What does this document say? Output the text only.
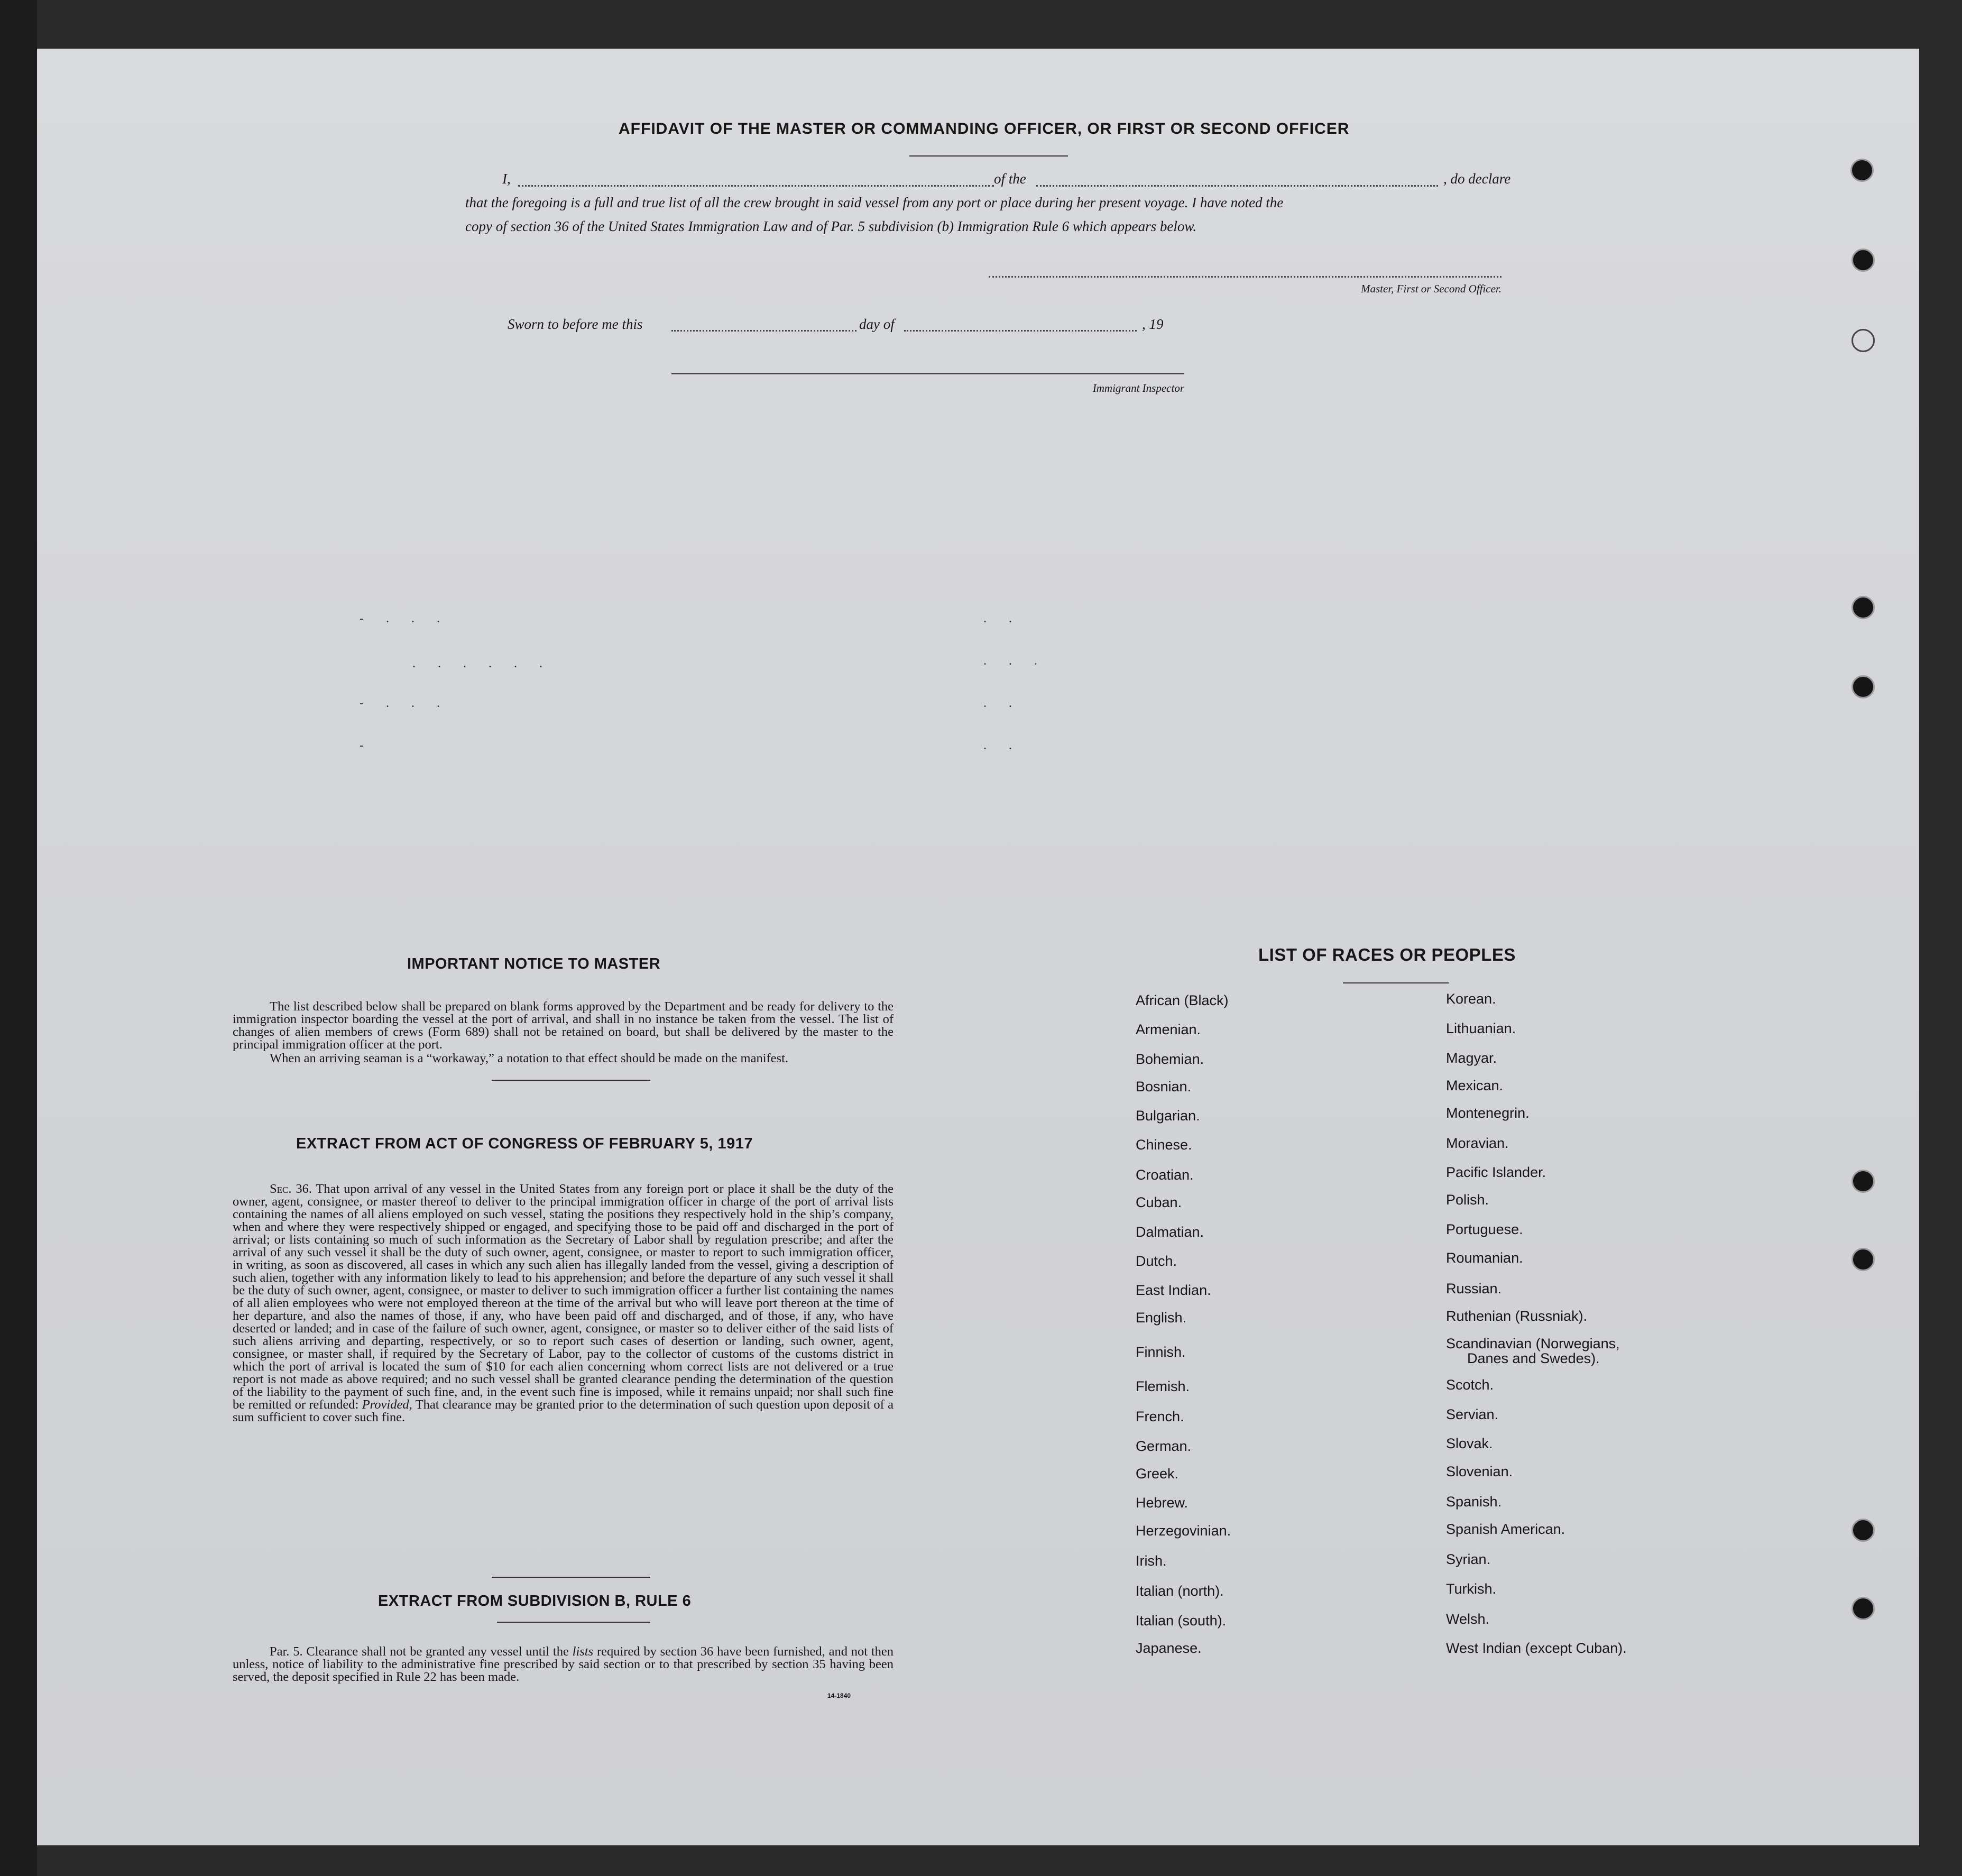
AFFIDAVIT OF THE MASTER OR COMMANDING OFFICER, OR FIRST OR SECOND OFFICER
I,	of the	, do declare
that the foregoing is a full and true list of all the crew brought in said vessel from any port or place during her present voyage. I have noted the
copy of section 36 of the United States Immigration Law and of Par. 5 subdivision (b) Immigration Rule 6 which appears below.
Master, First or Second Officer.
Sworn to before me this	day of	, 19
Immigrant Inspector
- . . .
. . . . . .
- . . .
-
. .
. . .
. .
. .
IMPORTANT NOTICE TO MASTER
The list described below shall be prepared on blank forms approved by the Department and be ready for delivery to the immigration inspector boarding the vessel at the port of arrival, and shall in no instance be taken from the vessel. The list of changes of alien members of crews (Form 689) shall not be retained on board, but shall be delivered by the master to the principal immigration officer at the port.
When an arriving seaman is a “workaway,” a notation to that effect should be made on the manifest.
EXTRACT FROM ACT OF CONGRESS OF FEBRUARY 5, 1917
Sec. 36. That upon arrival of any vessel in the United States from any foreign port or place it shall be the duty of the owner, agent, consignee, or master thereof to deliver to the principal immigration officer in charge of the port of arrival lists containing the names of all aliens employed on such vessel, stating the positions they respectively hold in the ship’s company, when and where they were respectively shipped or engaged, and specifying those to be paid off and discharged in the port of arrival; or lists containing so much of such information as the Secretary of Labor shall by regulation prescribe; and after the arrival of any such vessel it shall be the duty of such owner, agent, consignee, or master to report to such immigration officer, in writing, as soon as discovered, all cases in which any such alien has illegally landed from the vessel, giving a description of such alien, together with any information likely to lead to his apprehension; and before the departure of any such vessel it shall be the duty of such owner, agent, consignee, or master to deliver to such immigration officer a further list containing the names of all alien employees who were not employed thereon at the time of the arrival but who will leave port thereon at the time of her departure, and also the names of those, if any, who have been paid off and discharged, and of those, if any, who have deserted or landed; and in case of the failure of such owner, agent, consignee, or master so to deliver either of the said lists of such aliens arriving and departing, respectively, or so to report such cases of desertion or landing, such owner, agent, consignee, or master shall, if required by the Secretary of Labor, pay to the collector of customs of the customs district in which the port of arrival is located the sum of $10 for each alien concerning whom correct lists are not delivered or a true report is not made as above required; and no such vessel shall be granted clearance pending the determination of the question of the liability to the payment of such fine, and, in the event such fine is imposed, while it remains unpaid; nor shall such fine be remitted or refunded: Provided, That clearance may be granted prior to the determination of such question upon deposit of a sum sufficient to cover such fine.
EXTRACT FROM SUBDIVISION B, RULE 6
Par. 5. Clearance shall not be granted any vessel until the lists required by section 36 have been furnished, and not then unless, notice of liability to the administrative fine prescribed by said section or to that prescribed by section 35 having been served, the deposit specified in Rule 22 has been made.
14-1840
LIST OF RACES OR PEOPLES
African (Black)
Armenian.
Bohemian.
Bosnian.
Bulgarian.
Chinese.
Croatian.
Cuban.
Dalmatian.
Dutch.
East Indian.
English.
Finnish.
Flemish.
French.
German.
Greek.
Hebrew.
Herzegovinian.
Irish.
Italian (north).
Italian (south).
Japanese.
Korean.
Lithuanian.
Magyar.
Mexican.
Montenegrin.
Moravian.
Pacific Islander.
Polish.
Portuguese.
Roumanian.
Russian.
Ruthenian (Russniak).
Scandinavian (Norwegians,
Danes and Swedes).
Scotch.
Servian.
Slovak.
Slovenian.
Spanish.
Spanish American.
Syrian.
Turkish.
Welsh.
West Indian (except Cuban).
